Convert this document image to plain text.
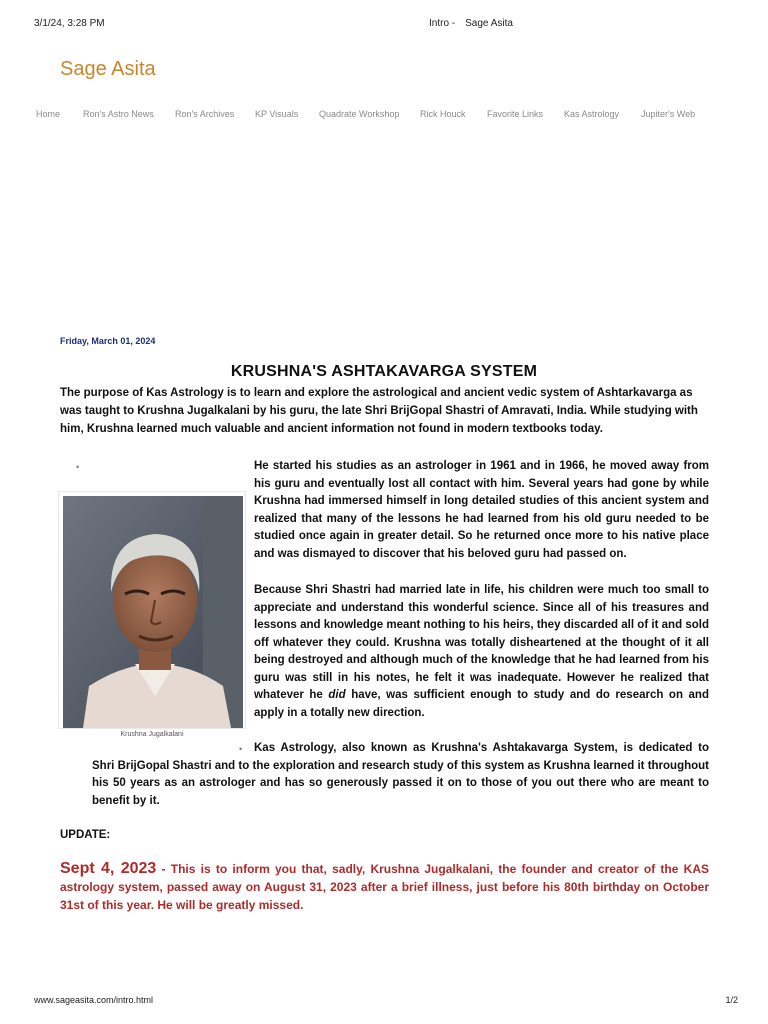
3/1/24, 3:28 PM	Intro - Sage Asita
Sage Asita
Home	Ron's Astro News Ron's Archives KP Visuals Quadrate Workshop Rick Houck Favorite Links Kas Astrology Jupiter's Web
Friday, March 01, 2024
KRUSHNA'S ASHTAKAVARGA SYSTEM

The purpose of Kas Astrology is to learn and explore the astrological and ancient vedic system of Ashtarkavarga as was taught to Krushna Jugalkalani by his guru, the late Shri BrijGopal Shastri of Amravati, India. While studying with him, Krushna learned much valuable and ancient information not found in modern textbooks today.

•
Krushna Jugalkalani

He started his studies as an astrologer in 1961 and in 1966, he moved away from his guru and eventually lost all contact with him. Several years had gone by while Krushna had immersed himself in long detailed studies of this ancient system and realized that many of the lessons he had learned from his old guru needed to be studied once again in greater detail. So he returned once more to his native place and was dismayed to discover that his beloved guru had passed on.

Because Shri Shastri had married late in life, his children were much too small to appreciate and understand this wonderful science. Since all of his treasures and lessons and knowledge meant nothing to his heirs, they discarded all of it and sold off whatever they could. Krushna was totally disheartened at the thought of it all being destroyed and although much of the knowledge that he had learned from his guru was still in his notes, he felt it was inadequate. However he realized that whatever he did have, was sufficient enough to study and do research on and apply in a totally new direction.

•	Kas Astrology, also known as Krushna's Ashtakavarga System, is dedicated to Shri BrijGopal Shastri and to the exploration and research study of this system as Krushna learned it throughout his 50 years as an astrologer and has so generously passed it on to those of you out there who are meant to benefit by it.

UPDATE:

Sept 4, 2023 - This is to inform you that, sadly, Krushna Jugalkalani, the founder and creator of the KAS astrology system, passed away on August 31, 2023 after a brief illness, just before his 80th birthday on October 31st of this year. He will be greatly missed.

www.sageasita.com/intro.html	1/2
